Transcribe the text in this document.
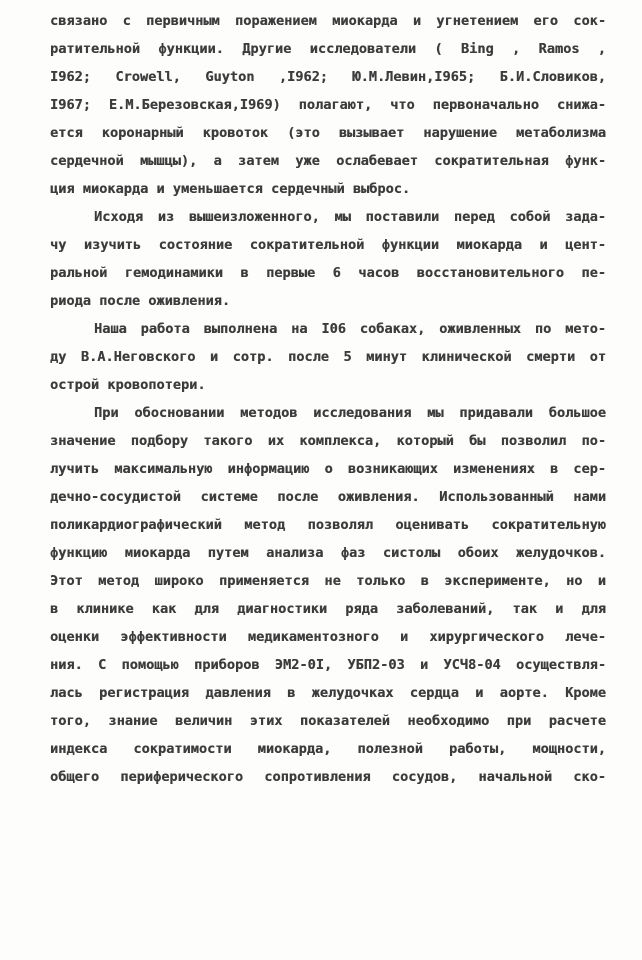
связано с первичным поражением миокарда и угнетением его сок-
ратительной функции. Другие исследователи ( Bing , Ramos ,
I962; Crowell, Guyton ,I962; Ю.М.Левин,I965; Б.И.Словиков,
I967; Е.М.Березовская,I969) полагают, что первоначально снижа-
ется коронарный кровоток (это вызывает нарушение метаболизма
сердечной мышцы), а затем уже ослабевает сократительная функ-
ция миокарда и уменьшается сердечный выброс.
Исходя из вышеизложенного, мы поставили перед собой зада-
чу изучить состояние сократительной функции миокарда и цент-
ральной гемодинамики в первые 6 часов восстановительного пе-
риода после оживления.
Наша работа выполнена на I06 собаках, оживленных по мето-
ду В.А.Неговского и сотр. после 5 минут клинической смерти от
острой кровопотери.
При обосновании методов исследования мы придавали большое
значение подбору такого их комплекса, который бы позволил по-
лучить максимальную информацию о возникающих изменениях в сер-
дечно-сосудистой системе после оживления. Использованный нами
поликардиографический метод позволял оценивать сократительную
функцию миокарда путем анализа фаз систолы обоих желудочков.
Этот метод широко применяется не только в эксперименте, но и
в клинике как для диагностики ряда заболеваний, так и для
оценки эффективности медикаментозного и хирургического лече-
ния. С помощью приборов ЭМ2-0I, УБП2-03 и УСЧ8-04 осуществля-
лась регистрация давления в желудочках сердца и аорте. Кроме
того, знание величин этих показателей необходимо при расчете
индекса сократимости миокарда, полезной работы, мощности,
общего периферического сопротивления сосудов, начальной ско-
